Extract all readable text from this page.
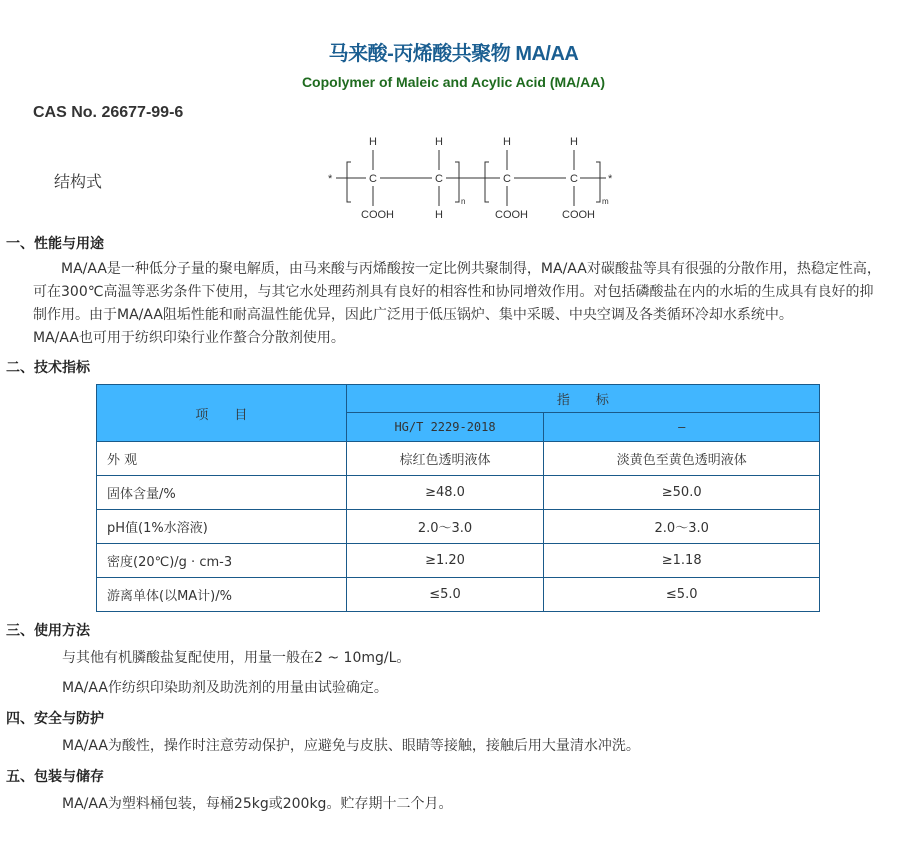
马来酸-丙烯酸共聚物 MA/AA
Copolymer of Maleic and Acylic Acid (MA/AA)
CAS No. 26677-99-6
结构式	*	*
C	C	C	C
H	H	H	H
COOH	H	COOH	COOH
n	m
一、性能与用途
MA/AA是一种低分子量的聚电解质，由马来酸与丙烯酸按一定比例共聚制得，MA/AA对碳酸盐等具有很强的分散作用，热稳定性高，可在300℃高温等恶劣条件下使用，与其它水处理药剂具有良好的相容性和协同增效作用。对包括磷酸盐在内的水垢的生成具有良好的抑制作用。由于MA/AA阻垢性能和耐高温性能优异，因此广泛用于低压锅炉、集中采暖、中央空调及各类循环冷却水系统中。
MA/AA也可用于纺织印染行业作螯合分散剂使用。
二、技术指标
项　　目	指　　标	
	HG/T 2229-2018	—
外 观	棕红色透明液体	淡黄色至黄色透明液体
固体含量/%	≥48.0	≥50.0
pH值(1%水溶液)	2.0～3.0	2.0～3.0
密度(20℃)/g · cm-3	≥1.20	≥1.18
游离单体(以MA计)/%	≤5.0	≤5.0
三、使用方法
与其他有机膦酸盐复配使用，用量一般在2 ~ 10mg/L。
MA/AA作纺织印染助剂及助洗剂的用量由试验确定。
四、安全与防护
MA/AA为酸性，操作时注意劳动保护，应避免与皮肤、眼睛等接触，接触后用大量清水冲洗。
五、包装与储存
MA/AA为塑料桶包装，每桶25kg或200kg。贮存期十二个月。
